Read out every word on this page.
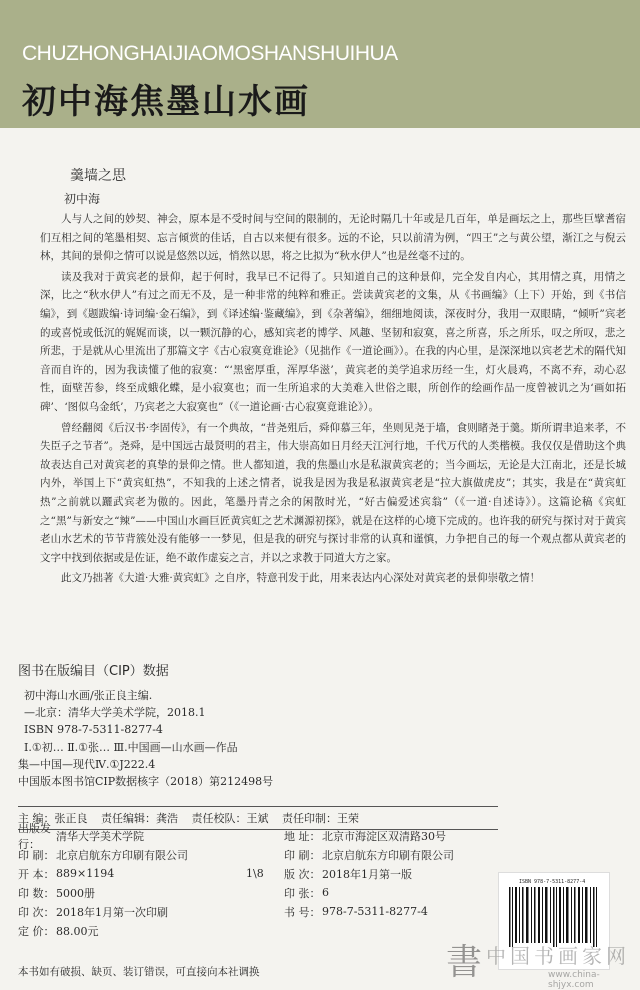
CHUZHONGHAIJIAOMOSHANSHUIHUA
初中海焦墨山水画
羹墙之思
初中海

人与人之间的妙契、神会，原本是不受时间与空间的限制的，无论时隔几十年或是几百年，单是画坛之上，那些巨擘耆宿们互相之间的笔墨相契、忘言倾赏的佳话，自古以来便有很多。远的不论，只以前清为例，“四王”之与黄公望，渐江之与倪云林，其间的景仰之情可以说是悠然以远，悄然以思，将之比拟为“秋水伊人”也是丝毫不过的。

读及我对于黄宾老的景仰，起于何时，我早已不记得了。只知道自己的这种景仰，完全发自内心，其用情之真，用情之深，比之“秋水伊人”有过之而无不及，是一种非常的纯粹和雅正。尝读黄宾老的文集，从《书画编》（上下）开始，到《书信编》，到《题跋编·诗词编·金石编》，到《译述编·鉴藏编》，到《杂著编》，细细地阅读，深夜时分，我用一双眼睛，“倾听”宾老的或喜悦或低沉的娓娓而谈，以一颗沉静的心，感知宾老的博学、风趣、坚韧和寂寞，喜之所喜，乐之所乐，叹之所叹，悲之所悲，于是就从心里流出了那篇文字《古心寂寞竟谁论》（见拙作《一道论画》）。在我的内心里，是深深地以宾老艺术的隔代知音而自许的，因为我读懂了他的寂寞：“‘黑密厚重，浑厚华滋’，黄宾老的美学追求历经一生，灯火晨鸡，不离不弃，动心忍性，面壁苦参，终至成蛾化蝶，是小寂寞也；而一生所追求的大美难入世俗之眼，所创作的绘画作品一度曾被讥之为‘画如拓碑’、‘图似乌金纸’，乃宾老之大寂寞也”（《一道论画·古心寂寞竟谁论》）。

曾经翻阅《后汉书·李固传》，有一个典故，“昔尧殂后，舜仰慕三年，坐则见尧于墙，食则睹尧于羹。斯所谓聿追来孝，不失臣子之节者”。尧舜，是中国远古最贤明的君主，伟大崇高如日月经天江河行地，千代万代的人类楷模。我仅仅是借助这个典故表达自己对黄宾老的真挚的景仰之情。世人都知道，我的焦墨山水是私淑黄宾老的；当今画坛，无论是大江南北，还是长城内外，举国上下“黄宾虹热”，不知我的上述之情者，说我是因为我是私淑黄宾老是“拉大旗做虎皮”；其实，我是在“黄宾虹热”之前就以躧武宾老为傲的。因此，笔墨丹青之余的闲散时光，“好古偏爱述宾翁”（《一道·自述诗》）。这篇论稿《宾虹之“黑”与新安之“辣”——中国山水画巨匠黄宾虹之艺术渊源初探》，就是在这样的心境下完成的。也许我的研究与探讨对于黄宾老山水艺术的节节背簇处没有能够一一梦见，但是我的研究与探讨非常的认真和谨慎，力争把自己的每一个观点都从黄宾老的文字中找到依据或是佐证，绝不敢作虚妄之言，并以之求教于同道大方之家。

此文乃拙著《大道·大雅·黄宾虹》之自序，特意刊发于此，用来表达内心深处对黄宾老的景仰崇敬之情！

图书在版编目（CIP）数据
初中海山水画/张正良主编.
—北京：清华大学美术学院，2018.1
ISBN 978-7-5311-8277-4
Ⅰ.①初… Ⅱ.①张… Ⅲ.中国画—山水画—作品
集—中国—现代Ⅳ.①J222.4
中国版本图书馆CIP数据核字（2018）第212498号
主 编：张正良 责任编辑：龚浩 责任校队：王斌 责任印制：王荣
出版发行：
清华大学美术学院	地 址： 北京市海淀区双清路30号
印 刷： 北京启航东方印刷有限公司	印 刷： 北京启航东方印刷有限公司
开 本： 889×1194	1\8	版 次： 2018年1月第一版
印 数： 5000册	印 张： 6
印 次： 2018年1月第一次印刷	书 号： 978-7-5311-8277-4
定 价： 88.00元
本书如有破损、缺页、装订错误，可直接向本社调换
ISBN 978-7-5311-8277-4
書 中国书画家网
www.china-shjyx.com
